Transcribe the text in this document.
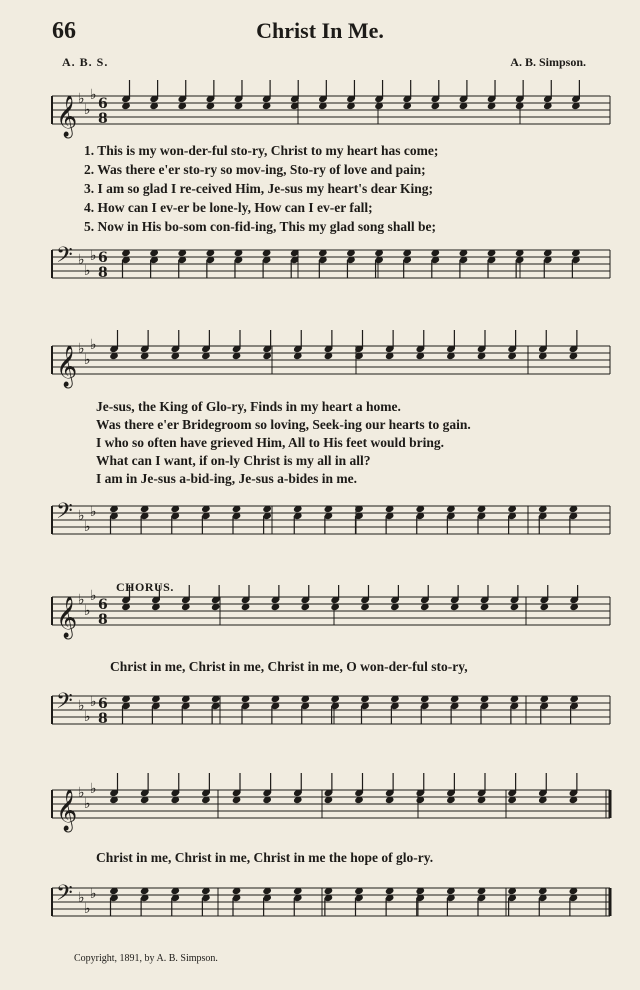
66	Christ In Me.
A. B. S.	A. B. Simpson.
𝄞 ♭
♭
♭
6
8
1. This is my won-der-ful sto-ry, Christ to my heart has come;
2. Was there e'er sto-ry so mov-ing, Sto-ry of love and pain;
3. I am so glad I re-ceived Him, Je-sus my heart's dear King;
4. How can I ev-er be lone-ly, How can I ev-er fall;
5. Now in His bo-som con-fid-ing, This my glad song shall be;
𝄢 ♭
♭
♭ 6
8
𝄞 ♭
♭
♭
Je-sus, the King of Glo-ry, Finds in my heart a home.
Was there e'er Bridegroom so loving, Seek-ing our hearts to gain.
I who so often have grieved Him, All to His feet would bring.
What can I want, if on-ly Christ is my all in all?
I am in Je-sus a-bid-ing, Je-sus a-bides in me.
𝄢 ♭
♭
♭
CHORUS.
𝄞 ♭
♭
♭
6
8
Christ in me, Christ in me, Christ in me, O won-der-ful sto-ry,
𝄢 ♭
♭
♭ 6
8
𝄞 ♭
♭
♭
Christ in me, Christ in me, Christ in me the hope of glo-ry.
𝄢 ♭
♭
♭
Copyright, 1891, by A. B. Simpson.
